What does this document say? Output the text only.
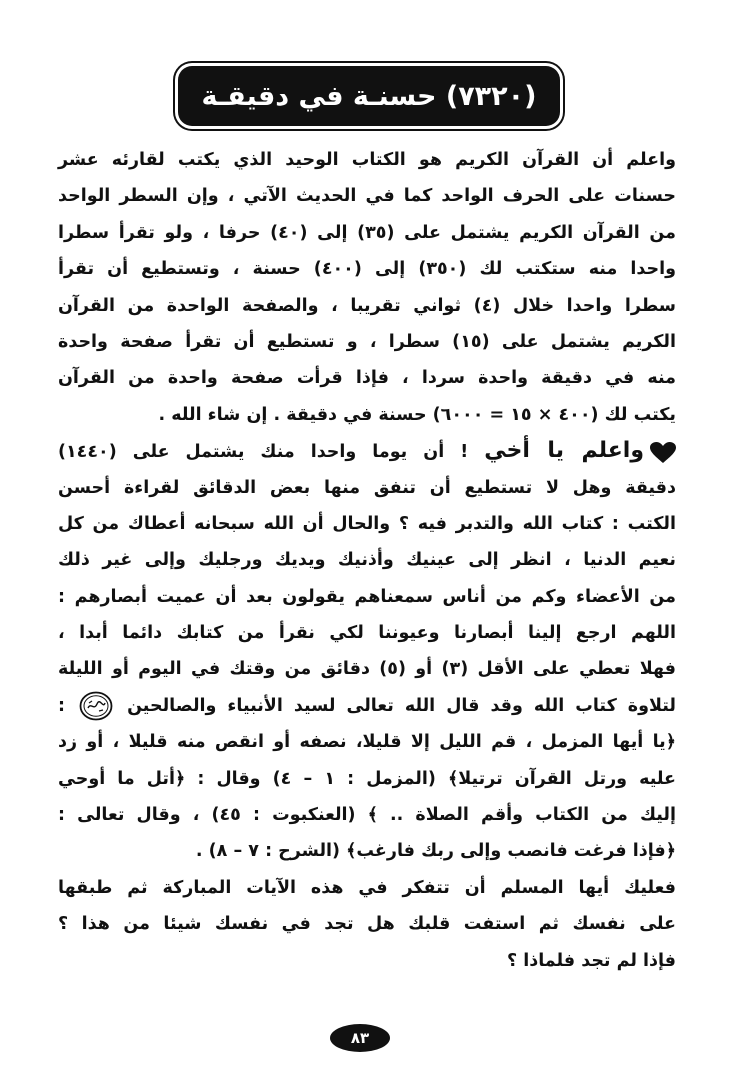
(٧٣٢٠) حسنـة في دقيقـة
واعلم أن القرآن الكريم هو الكتاب الوحيد الذي يكتب لقارئه عشر
حسنات على الحرف الواحد كما في الحديث الآتي ، وإن السطر الواحد
من القرآن الكريم يشتمل على (٣٥) إلى (٤٠) حرفا ، ولو تقرأ سطرا
واحدا منه ستكتب لك (٣٥٠) إلى (٤٠٠) حسنة ، وتستطيع أن تقرأ
سطرا واحدا خلال (٤) ثواني تقريبا ، والصفحة الواحدة من القرآن
الكريم يشتمل على (١٥) سطرا ، و تستطيع أن تقرأ صفحة واحدة
منه في دقيقة واحدة سردا ، فإذا قرأت صفحة واحدة من القرآن
يكتب لك (٤٠٠ × ١٥ = ٦٠٠٠) حسنة في دقيقة . إن شاء الله .
واعلم يا أخي ! أن يوما واحدا منك يشتمل على (١٤٤٠)
دقيقة وهل لا تستطيع أن تنفق منها بعض الدقائق لقراءة أحسن
الكتب : كتاب الله والتدبر فيه ؟ والحال أن الله سبحانه أعطاك من كل
نعيم الدنيا ، انظر إلى عينيك وأذنيك ويديك ورجليك وإلى غير ذلك
من الأعضاء وكم من أناس سمعناهم يقولون بعد أن عميت أبصارهم :
اللهم ارجع إلينا أبصارنا وعيوننا لكي نقرأ من كتابك دائما أبدا ،
فهلا تعطي على الأقل (٣) أو (٥) دقائق من وقتك في اليوم أو الليلة
لتلاوة كتاب الله وقد قال الله تعالى لسيد الأنبياء والصالحين  :
﴿يا أيها المزمل ، قم الليل إلا قليلا، نصفه أو انقص منه قليلا ، أو زد
عليه ورتل القرآن ترتيلا﴾ (المزمل : ١ – ٤) وقال : ﴿أتل ما أوحي
إليك من الكتاب وأقم الصلاة .. ﴾ (العنكبوت : ٤٥) ، وقال تعالى :
﴿فإذا فرغت فانصب وإلى ربك فارغب﴾ (الشرح : ٧ – ٨) .
فعليك أيها المسلم أن تتفكر في هذه الآيات المباركة ثم طبقها
على نفسك ثم استفت قلبك هل تجد في نفسك شيئا من هذا ؟
فإذا لم تجد فلماذا ؟
٨٣
